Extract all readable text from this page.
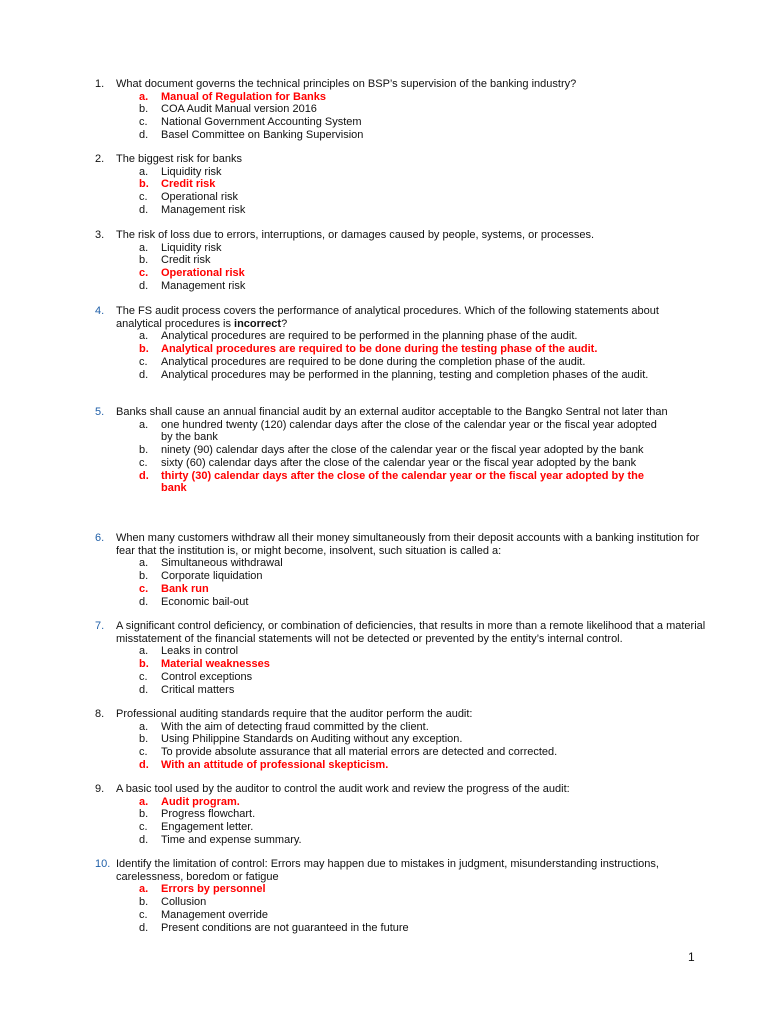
1.	What document governs the technical principles on BSP’s supervision of the banking industry?
a. Manual of Regulation for Banks
b. COA Audit Manual version 2016
c. National Government Accounting System
d. Basel Committee on Banking Supervision
2.	The biggest risk for banks
a. Liquidity risk
b. Credit risk
c. Operational risk
d. Management risk
3.	The risk of loss due to errors, interruptions, or damages caused by people, systems, or processes.
a. Liquidity risk
b. Credit risk
c. Operational risk
d. Management risk
4.	The FS audit process covers the performance of analytical procedures. Which of the following statements about analytical procedures is incorrect?
a. Analytical procedures are required to be performed in the planning phase of the audit.
b. Analytical procedures are required to be done during the testing phase of the audit.
c. Analytical procedures are required to be done during the completion phase of the audit.
d. Analytical procedures may be performed in the planning, testing and completion phases of the audit.
5.	Banks shall cause an annual financial audit by an external auditor acceptable to the Bangko Sentral not later than
a. one hundred twenty (120) calendar days after the close of the calendar year or the fiscal year adopted by the bank
b. ninety (90) calendar days after the close of the calendar year or the fiscal year adopted by the bank
c. sixty (60) calendar days after the close of the calendar year or the fiscal year adopted by the bank
d. thirty (30) calendar days after the close of the calendar year or the fiscal year adopted by the bank
6.	When many customers withdraw all their money simultaneously from their deposit accounts with a banking institution for fear that the institution is, or might become, insolvent, such situation is called a:
a. Simultaneous withdrawal
b. Corporate liquidation
c. Bank run
d. Economic bail-out
7.	A significant control deficiency, or combination of deficiencies, that results in more than a remote likelihood that a material misstatement of the financial statements will not be detected or prevented by the entity’s internal control.
a. Leaks in control
b. Material weaknesses
c. Control exceptions
d. Critical matters
8.	Professional auditing standards require that the auditor perform the audit:
a. With the aim of detecting fraud committed by the client.
b. Using Philippine Standards on Auditing without any exception.
c. To provide absolute assurance that all material errors are detected and corrected.
d. With an attitude of professional skepticism.
9.	A basic tool used by the auditor to control the audit work and review the progress of the audit:
a. Audit program.
b. Progress flowchart.
c. Engagement letter.
d. Time and expense summary.
10. Identify the limitation of control: Errors may happen due to mistakes in judgment, misunderstanding instructions, carelessness, boredom or fatigue
a. Errors by personnel
b. Collusion
c. Management override
d. Present conditions are not guaranteed in the future
1
